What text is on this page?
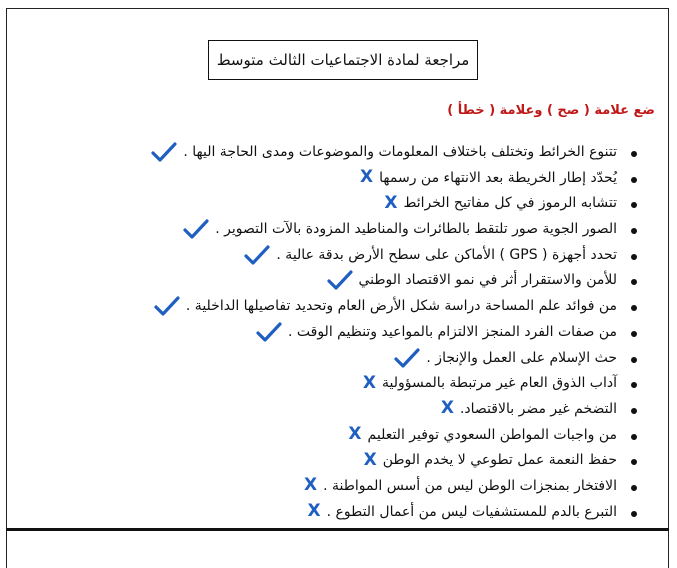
مراجعة لمادة الاجتماعيات الثالث متوسط
ضع علامة ( صح ) وعلامة ( خطأ )
تتنوع الخرائط وتختلف باختلاف المعلومات والموضوعات ومدى الحاجة اليها .
يُحدّد إطار الخريطة بعد الانتهاء من رسمهاX
تتشابه الرموز في كل مفاتيح الخرائطX
الصور الجوية صور تلتقط بالطائرات والمناطيد المزودة بالآت التصوير .
تحدد أجهزة ( GPS ) الأماكن على سطح الأرض بدقة عالية .
للأمن والاستقرار أثر في نمو الاقتصاد الوطني
من فوائد علم المساحة دراسة شكل الأرض العام وتحديد تفاصيلها الداخلية .
من صفات الفرد المنجز الالتزام بالمواعيد وتنظيم الوقت .
حث الإسلام على العمل والإنجاز .
آداب الذوق العام غير مرتبطة بالمسؤوليةX
التضخم غير مضر بالاقتصاد.X
من واجبات المواطن السعودي توفير التعليمX
حفظ النعمة عمل تطوعي لا يخدم الوطنX
الافتخار بمنجزات الوطن ليس من أسس المواطنة .X
التبرع بالدم للمستشفيات ليس من أعمال التطوع .X
